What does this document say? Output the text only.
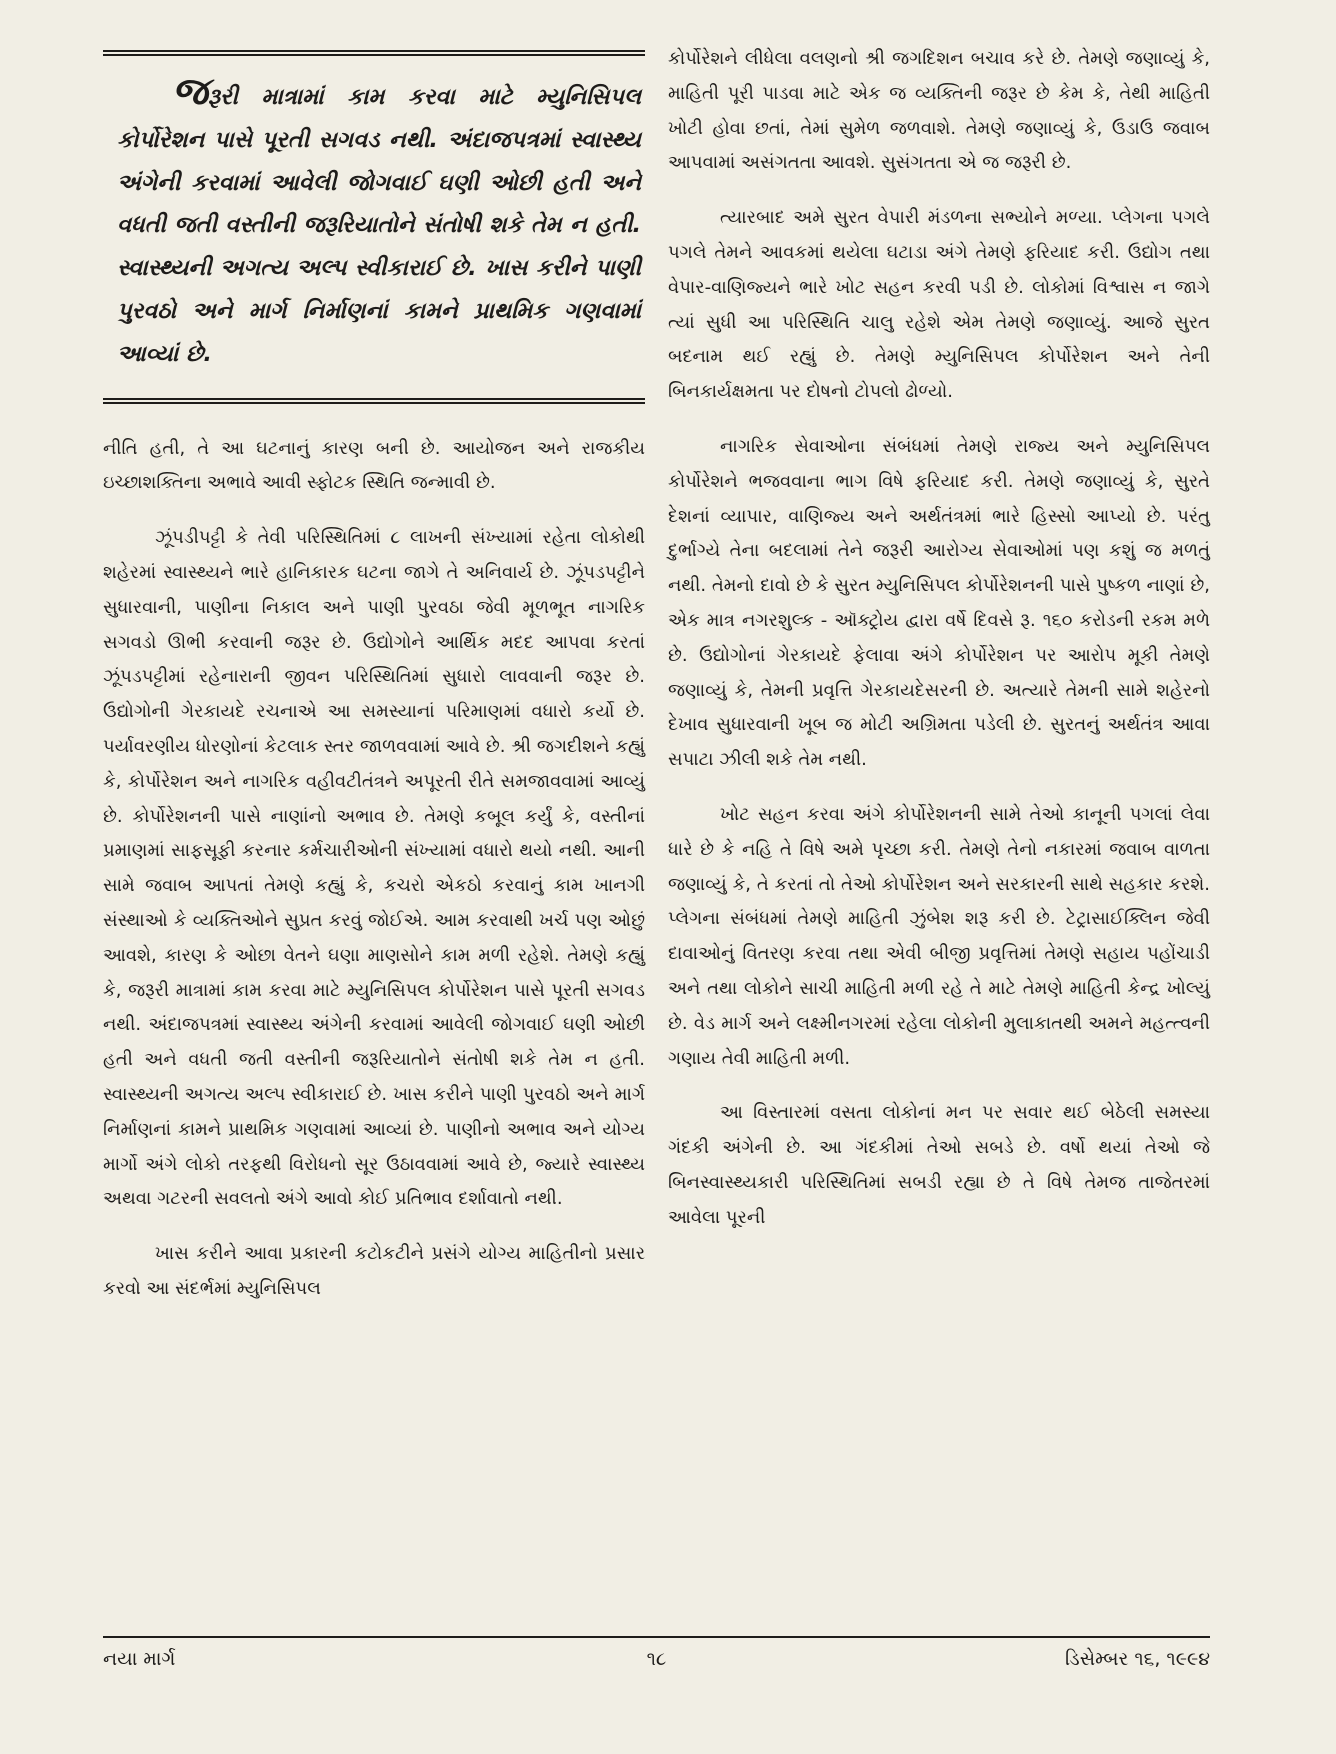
જરૂરી માત્રામાં કામ કરવા માટે મ્યુનિસિપલ કોર્પોરેશન પાસે પૂરતી સગવડ નથી. અંદાજપત્રમાં સ્વાસ્થ્ય અંગેની કરવામાં આવેલી જોગવાઈ ઘણી ઓછી હતી અને વધતી જતી વસ્તીની જરૂરિયાતોને સંતોષી શકે તેમ ન હતી. સ્વાસ્થ્યની અગત્ય અલ્પ સ્વીકારાઈ છે. ખાસ કરીને પાણી પુરવઠો અને માર્ગ નિર્માણનાં કામને પ્રાથમિક ગણવામાં આવ્યાં છે.

નીતિ હતી, તે આ ઘટનાનું કારણ બની છે. આયોજન અને રાજકીય ઇચ્છાશક્તિના અભાવે આવી સ્ફોટક સ્થિતિ જન્માવી છે.

ઝૂંપડીપટ્ટી કે તેવી પરિસ્થિતિમાં ૮ લાખની સંખ્યામાં રહેતા લોકોથી શહેરમાં સ્વાસ્થ્યને ભારે હાનિકારક ઘટના જાગે તે અનિવાર્ય છે. ઝૂંપડપટ્ટીને સુધારવાની, પાણીના નિકાલ અને પાણી પુરવઠા જેવી મૂળભૂત નાગરિક સગવડો ઊભી કરવાની જરૂર છે. ઉદ્યોગોને આર્થિક મદદ આપવા કરતાં ઝૂંપડપટ્ટીમાં રહેનારાની જીવન પરિસ્થિતિમાં સુધારો લાવવાની જરૂર છે. ઉદ્યોગોની ગેરકાયદે રચનાએ આ સમસ્યાનાં પરિમાણમાં વધારો કર્યો છે. પર્યાવરણીય ધોરણોનાં કેટલાક સ્તર જાળવવામાં આવે છે. શ્રી જગદીશને કહ્યું કે, કોર્પોરેશન અને નાગરિક વહીવટીતંત્રને અપૂરતી રીતે સમજાવવામાં આવ્યું છે. કોર્પોરેશનની પાસે નાણાંનો અભાવ છે. તેમણે કબૂલ કર્યું કે, વસ્તીનાં પ્રમાણમાં સાફસૂફી કરનાર કર્મચારીઓની સંખ્યામાં વધારો થયો નથી. આની સામે જવાબ આપતાં તેમણે કહ્યું કે, કચરો એકઠો કરવાનું કામ ખાનગી સંસ્થાઓ કે વ્યક્તિઓને સુપ્રત કરવું જોઈએ. આમ કરવાથી ખર્ચ પણ ઓછું આવશે, કારણ કે ઓછા વેતને ઘણા માણસોને કામ મળી રહેશે. તેમણે કહ્યું કે, જરૂરી માત્રામાં કામ કરવા માટે મ્યુનિસિપલ કોર્પોરેશન પાસે પૂરતી સગવડ નથી. અંદાજપત્રમાં સ્વાસ્થ્ય અંગેની કરવામાં આવેલી જોગવાઈ ઘણી ઓછી હતી અને વધતી જતી વસ્તીની જરૂરિયાતોને સંતોષી શકે તેમ ન હતી. સ્વાસ્થ્યની અગત્ય અલ્પ સ્વીકારાઈ છે. ખાસ કરીને પાણી પુરવઠો અને માર્ગ નિર્માણનાં કામને પ્રાથમિક ગણવામાં આવ્યાં છે. પાણીનો અભાવ અને યોગ્ય માર્ગો અંગે લોકો તરફથી વિરોધનો સૂર ઉઠાવવામાં આવે છે, જ્યારે સ્વાસ્થ્ય અથવા ગટરની સવલતો અંગે આવો કોઈ પ્રતિભાવ દર્શાવાતો નથી.

ખાસ કરીને આવા પ્રકારની કટોકટીને પ્રસંગે યોગ્ય માહિતીનો પ્રસાર કરવો આ સંદર્ભમાં મ્યુનિસિપલ

કોર્પોરેશને લીધેલા વલણનો શ્રી જગદિશન બચાવ કરે છે. તેમણે જણાવ્યું કે, માહિતી પૂરી પાડવા માટે એક જ વ્યક્તિની જરૂર છે કેમ કે, તેથી માહિતી ખોટી હોવા છતાં, તેમાં સુમેળ જળવાશે. તેમણે જણાવ્યું કે, ઉડાઉ જવાબ આપવામાં અસંગતતા આવશે. સુસંગતતા એ જ જરૂરી છે.

ત્યારબાદ અમે સુરત વેપારી મંડળના સભ્યોને મળ્યા. પ્લેગના પગલે પગલે તેમને આવકમાં થયેલા ઘટાડા અંગે તેમણે ફરિયાદ કરી. ઉદ્યોગ તથા વેપાર-વાણિજ્યને ભારે ખોટ સહન કરવી પડી છે. લોકોમાં વિશ્વાસ ન જાગે ત્યાં સુધી આ પરિસ્થિતિ ચાલુ રહેશે એમ તેમણે જણાવ્યું. આજે સુરત બદનામ થઈ રહ્યું છે. તેમણે મ્યુનિસિપલ કોર્પોરેશન અને તેની બિનકાર્યક્ષમતા પર દોષનો ટોપલો ઢોળ્યો.

નાગરિક સેવાઓના સંબંધમાં તેમણે રાજ્ય અને મ્યુનિસિપલ કોર્પોરેશને ભજવવાના ભાગ વિષે ફરિયાદ કરી. તેમણે જણાવ્યું કે, સુરતે દેશનાં વ્યાપાર, વાણિજ્ય અને અર્થતંત્રમાં ભારે હિસ્સો આપ્યો છે. પરંતુ દુર્ભાગ્યે તેના બદલામાં તેને જરૂરી આરોગ્ય સેવાઓમાં પણ કશું જ મળતું નથી. તેમનો દાવો છે કે સુરત મ્યુનિસિપલ કોર્પોરેશનની પાસે પુષ્કળ નાણાં છે, એક માત્ર નગરશુલ્ક - ઑક્ટ્રોય દ્વારા વર્ષે દિવસે રૂ. ૧૬૦ કરોડની રકમ મળે છે. ઉદ્યોગોનાં ગેરકાયદે ફેલાવા અંગે કોર્પોરેશન પર આરોપ મૂકી તેમણે જણાવ્યું કે, તેમની પ્રવૃત્તિ ગેરકાયદેસરની છે. અત્યારે તેમની સામે શહેરનો દેખાવ સુધારવાની ખૂબ જ મોટી અગ્રિમતા પડેલી છે. સુરતનું અર્થતંત્ર આવા સપાટા ઝીલી શકે તેમ નથી.

ખોટ સહન કરવા અંગે કોર્પોરેશનની સામે તેઓ કાનૂની પગલાં લેવા ધારે છે કે નહિ તે વિષે અમે પૃચ્છા કરી. તેમણે તેનો નકારમાં જવાબ વાળતા જણાવ્યું કે, તે કરતાં તો તેઓ કોર્પોરેશન અને સરકારની સાથે સહકાર કરશે. પ્લેગના સંબંધમાં તેમણે માહિતી ઝુંબેશ શરૂ કરી છે. ટેટ્રાસાઈક્લિન જેવી દાવાઓનું વિતરણ કરવા તથા એવી બીજી પ્રવૃત્તિમાં તેમણે સહાય પહોંચાડી અને તથા લોકોને સાચી માહિતી મળી રહે તે માટે તેમણે માહિતી કેન્દ્ર ખોલ્યું છે. વેડ માર્ગ અને લક્ષ્મીનગરમાં રહેલા લોકોની મુલાકાતથી અમને મહત્ત્વની ગણાય તેવી માહિતી મળી.

આ વિસ્તારમાં વસતા લોકોનાં મન પર સવાર થઈ બેઠેલી સમસ્યા ગંદકી અંગેની છે. આ ગંદકીમાં તેઓ સબડે છે. વર્ષો થયાં તેઓ જે બિનસ્વાસ્થ્યકારી પરિસ્થિતિમાં સબડી રહ્યા છે તે વિષે તેમજ તાજેતરમાં આવેલા પૂરની

નયા માર્ગ	૧૮	ડિસેમ્બર ૧૬, ૧૯૯૪
